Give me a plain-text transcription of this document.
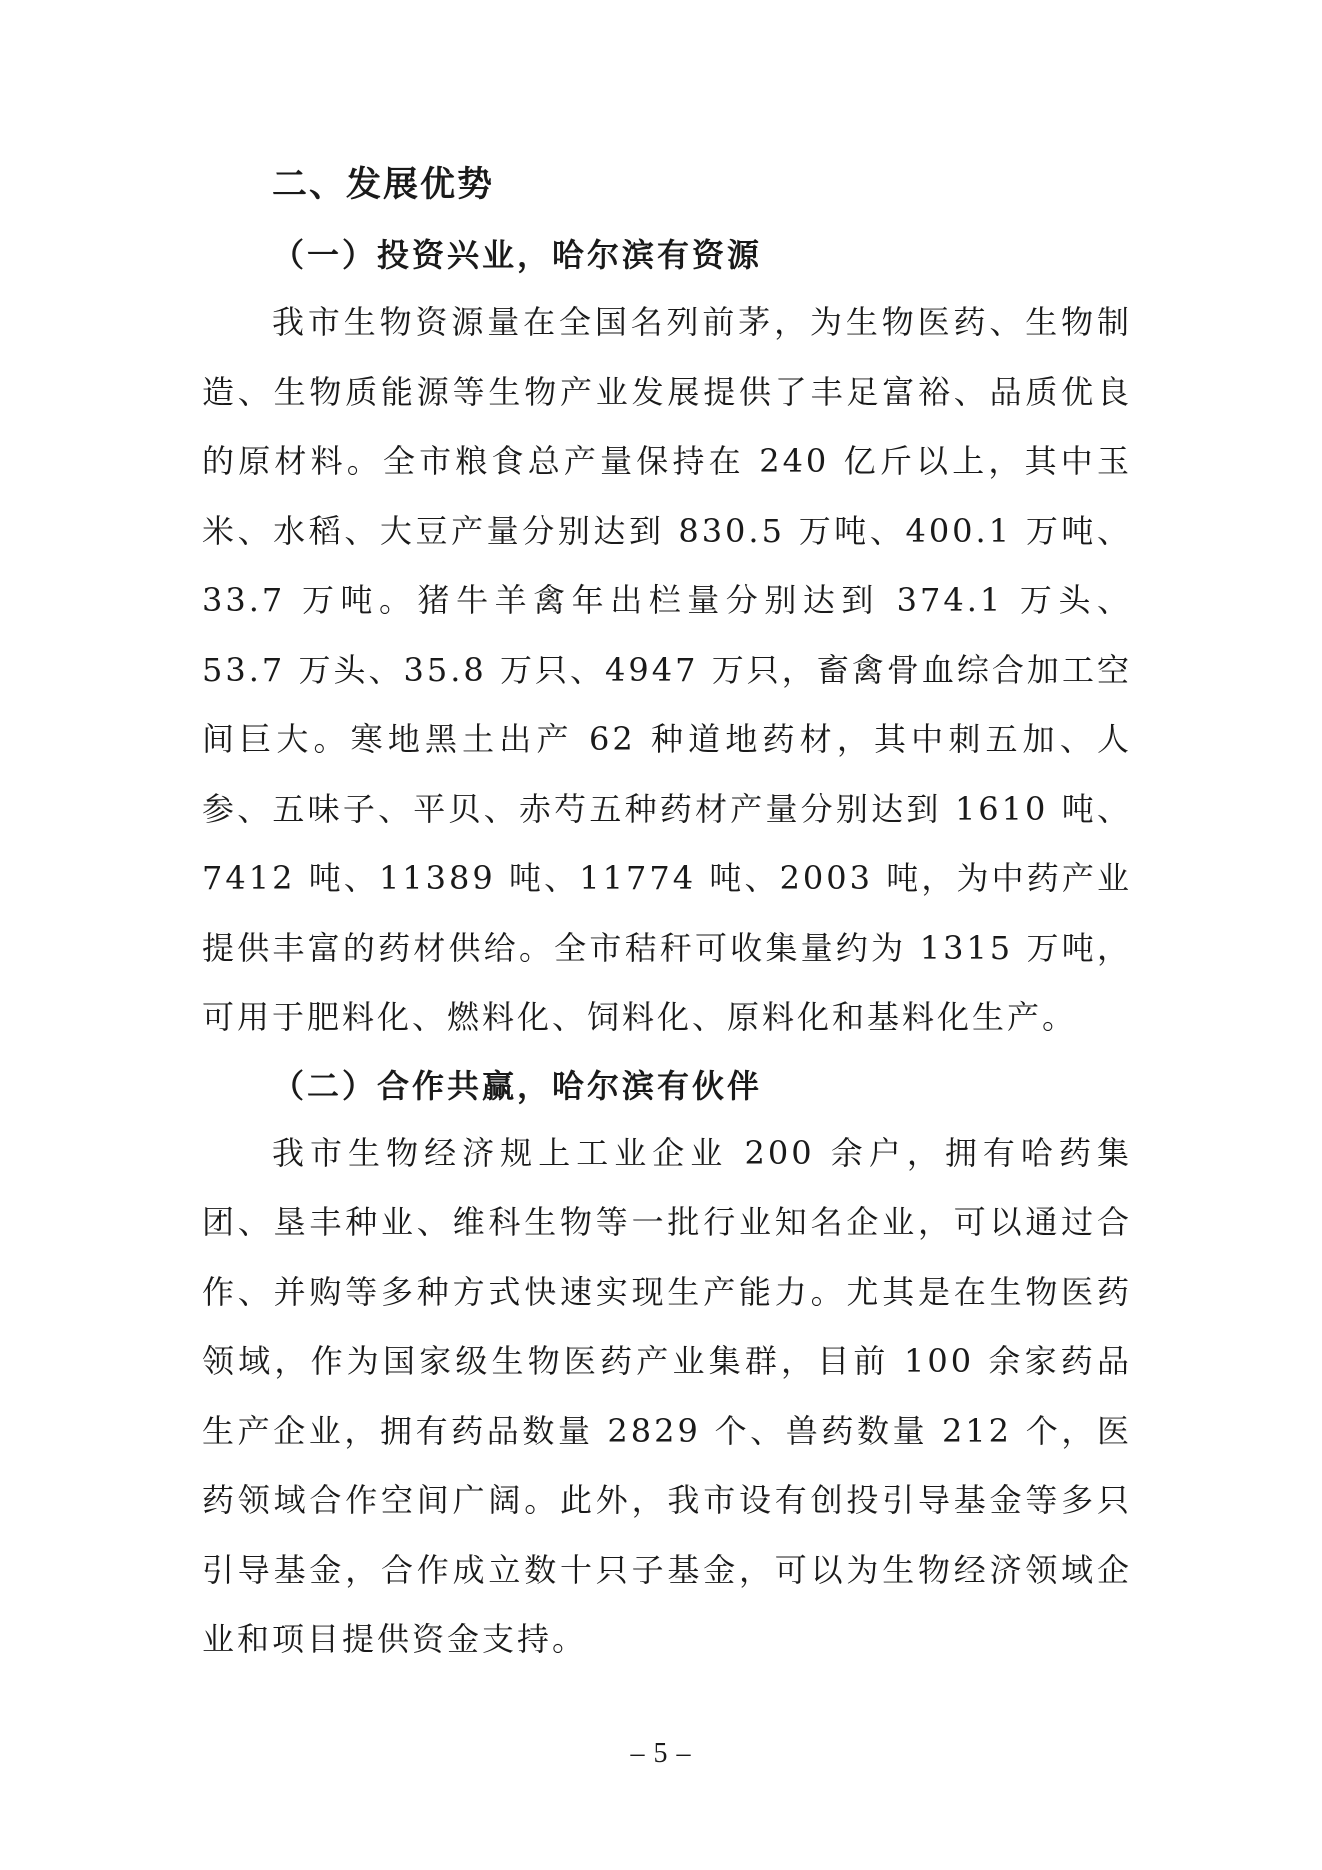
二、发展优势
（一）投资兴业，哈尔滨有资源

我市生物资源量在全国名列前茅，为生物医药、生物制造、生物质能源等生物产业发展提供了丰足富裕、品质优良的原材料。全市粮食总产量保持在 240 亿斤以上，其中玉米、水稻、大豆产量分别达到 830.5 万吨、400.1 万吨、33.7 万吨。猪牛羊禽年出栏量分别达到 374.1 万头、53.7 万头、35.8 万只、4947 万只，畜禽骨血综合加工空间巨大。寒地黑土出产 62 种道地药材，其中刺五加、人参、五味子、平贝、赤芍五种药材产量分别达到 1610 吨、7412 吨、11389 吨、11774 吨、2003 吨，为中药产业提供丰富的药材供给。全市秸秆可收集量约为 1315 万吨，可用于肥料化、燃料化、饲料化、原料化和基料化生产。

（二）合作共赢，哈尔滨有伙伴

我市生物经济规上工业企业 200 余户，拥有哈药集团、垦丰种业、维科生物等一批行业知名企业，可以通过合作、并购等多种方式快速实现生产能力。尤其是在生物医药领域，作为国家级生物医药产业集群，目前 100 余家药品生产企业，拥有药品数量 2829 个、兽药数量 212 个，医药领域合作空间广阔。此外，我市设有创投引导基金等多只引导基金，合作成立数十只子基金，可以为生物经济领域企业和项目提供资金支持。

– 5 –
